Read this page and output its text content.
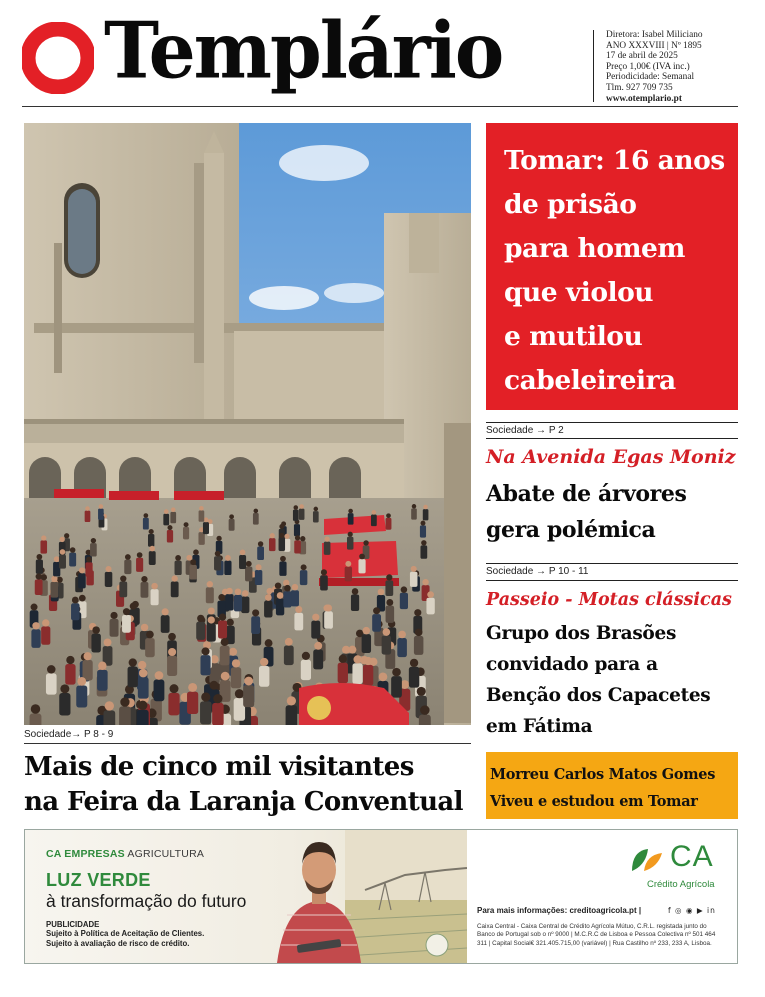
Templário	Diretora: Isabel Miliciano
ANO XXXVIII | Nº 1895
17 de abril de 2025
Preço 1,00€ (IVA inc.)
Periodicidade: Semanal
Tlm. 927 709 735
www.otemplario.pt
Sociedade→ P 8 - 9
Mais de cinco mil visitantes
na Feira da Laranja Conventual
Tomar: 16 anos
de prisão
para homem
que violou
e mutilou
cabeleireira
Sociedade → P 2
Na Avenida Egas Moniz
Abate de árvores
gera polémica
Sociedade → P 10 - 11
Passeio - Motas clássicas
Grupo dos Brasões
convidado para a
Benção dos Capacetes
em Fátima
Morreu Carlos Matos Gomes
Viveu e estudou em Tomar
CA EMPRESAS AGRICULTURA
LUZ VERDE
à transformação do futuro
PUBLICIDADE
Sujeito à Política de Aceitação de Clientes.
Sujeito à avaliação de risco de crédito.
CA
Crédito Agrícola
Para mais informações: creditoagricola.pt |	f ◎ ◉ ▶ in
Caixa Central - Caixa Central de Crédito Agrícola Mútuo, C.R.L. registada junto do
Banco de Portugal sob o nº 9000 | M.C.R.C de Lisboa e Pessoa Colectiva nº 501 464
311 | Capital Social€ 321.405.715,00 (variável) | Rua Castilho nº 233, 233 A, Lisboa.
